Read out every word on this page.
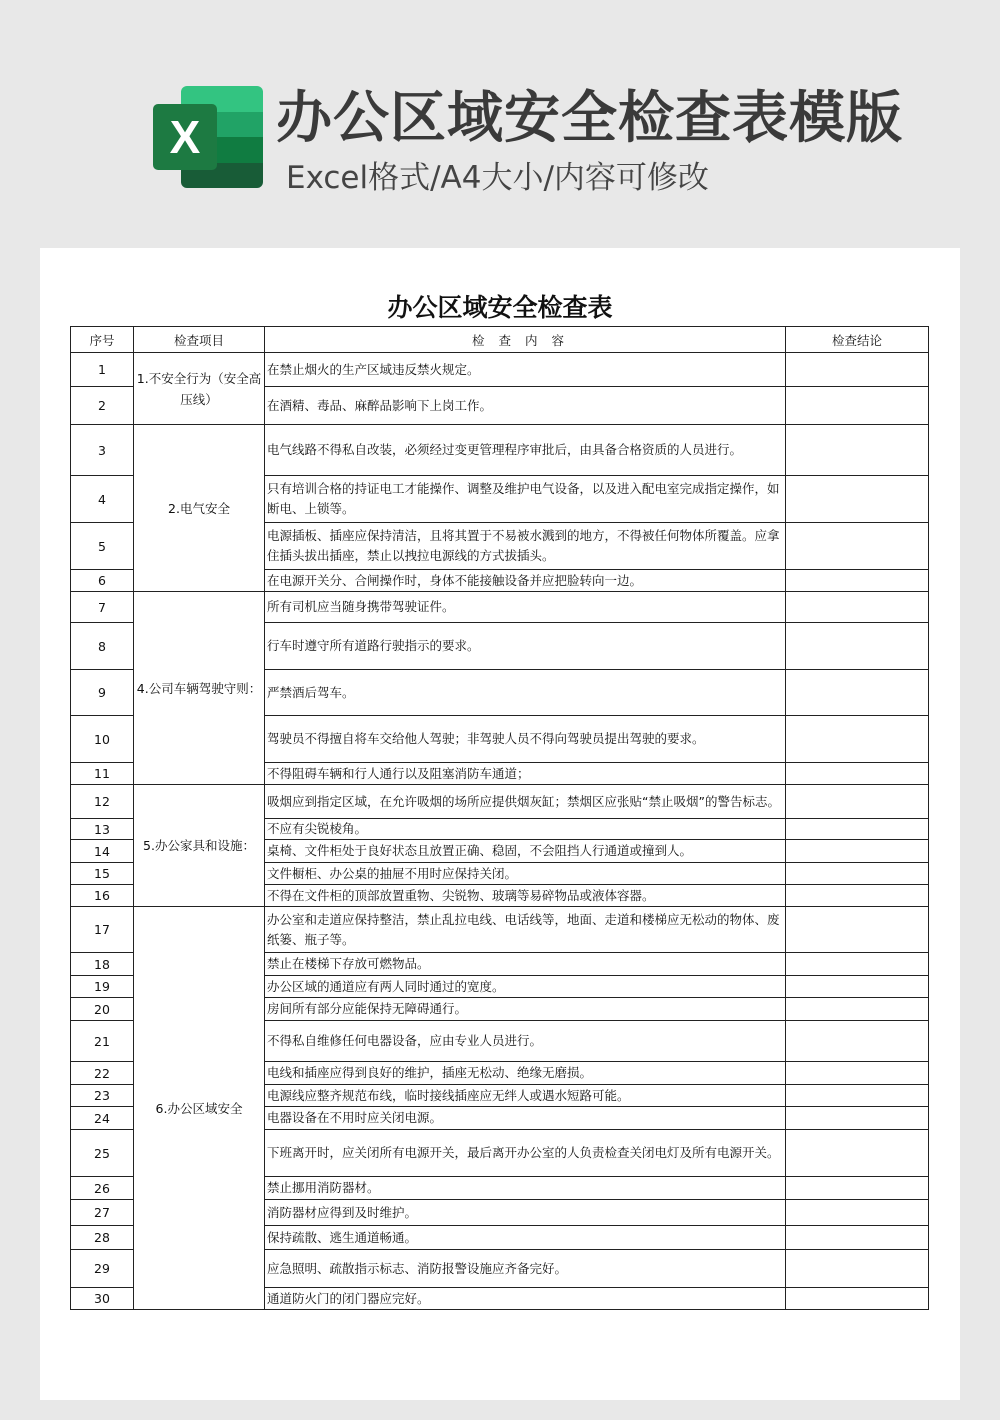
X 办公区域安全检查表模版
Excel格式/A4大小/内容可修改
办公区域安全检查表
序号	检查项目	检查内容	检查结论
1	1.不安全行为（安全高压线）	在禁止烟火的生产区域违反禁火规定。	
2		在酒精、毒品、麻醉品影响下上岗工作。	
3	2.电气安全	电气线路不得私自改装，必须经过变更管理程序审批后，由具备合格资质的人员进行。	
4		只有培训合格的持证电工才能操作、调整及维护电气设备，以及进入配电室完成指定操作，如断电、上锁等。	
5		电源插板、插座应保持清洁，且将其置于不易被水溅到的地方，不得被任何物体所覆盖。应拿住插头拔出插座，禁止以拽拉电源线的方式拔插头。	
6		在电源开关分、合闸操作时，身体不能接触设备并应把脸转向一边。	
7	4.公司车辆驾驶守则：	所有司机应当随身携带驾驶证件。	
8		行车时遵守所有道路行驶指示的要求。	
9		严禁酒后驾车。	
10		驾驶员不得擅自将车交给他人驾驶；非驾驶人员不得向驾驶员提出驾驶的要求。	
11		不得阻碍车辆和行人通行以及阻塞消防车通道；	
12	5.办公家具和设施：	吸烟应到指定区域，在允许吸烟的场所应提供烟灰缸；禁烟区应张贴“禁止吸烟”的警告标志。	
13		不应有尖锐棱角。	
14		桌椅、文件柜处于良好状态且放置正确、稳固，不会阻挡人行通道或撞到人。	
15		文件橱柜、办公桌的抽屉不用时应保持关闭。	
16		不得在文件柜的顶部放置重物、尖锐物、玻璃等易碎物品或液体容器。	
17	6.办公区域安全	办公室和走道应保持整洁，禁止乱拉电线、电话线等，地面、走道和楼梯应无松动的物体、废纸篓、瓶子等。	
18		禁止在楼梯下存放可燃物品。	
19		办公区域的通道应有两人同时通过的宽度。	
20		房间所有部分应能保持无障碍通行。	
21		不得私自维修任何电器设备，应由专业人员进行。	
22		电线和插座应得到良好的维护，插座无松动、绝缘无磨损。	
23		电源线应整齐规范布线，临时接线插座应无绊人或遇水短路可能。	
24		电器设备在不用时应关闭电源。	
25		下班离开时，应关闭所有电源开关，最后离开办公室的人负责检查关闭电灯及所有电源开关。	
26		禁止挪用消防器材。	
27		消防器材应得到及时维护。	
28		保持疏散、逃生通道畅通。	
29		应急照明、疏散指示标志、消防报警设施应齐备完好。	
30		通道防火门的闭门器应完好。	
